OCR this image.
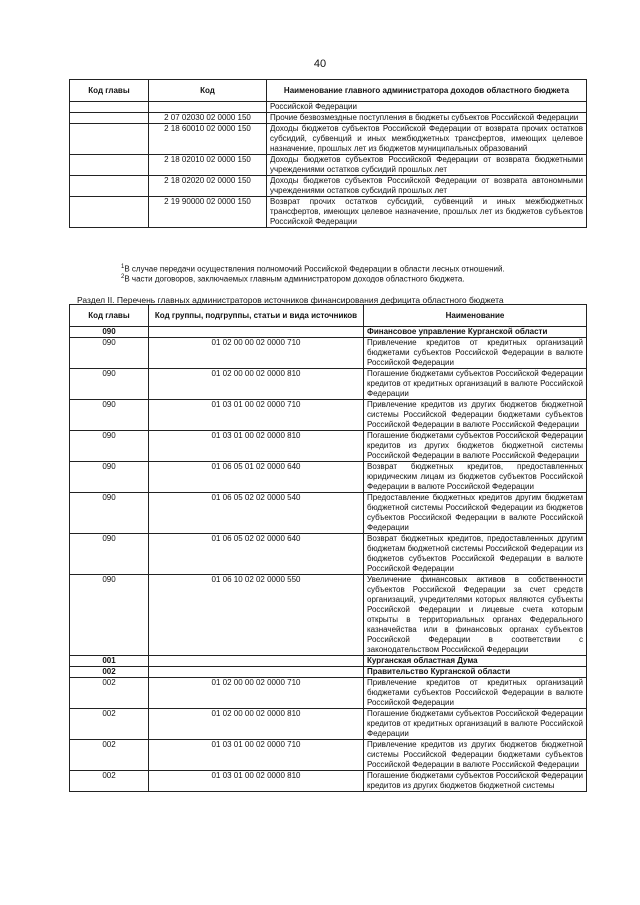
40
Код главы	Код	Наименование главного администратора доходов областного бюджета
		Российской Федерации
	2 07 02030 02 0000 150	Прочие безвозмездные поступления в бюджеты субъектов Российской Федерации
	2 18 60010 02 0000 150	Доходы бюджетов субъектов Российской Федерации от возврата прочих остатков субсидий, субвенций и иных межбюджетных трансфертов, имеющих целевое назначение, прошлых лет из бюджетов муниципальных образований
	2 18 02010 02 0000 150	Доходы бюджетов субъектов Российской Федерации от возврата бюджетными учреждениями остатков субсидий прошлых лет
	2 18 02020 02 0000 150	Доходы бюджетов субъектов Российской Федерации от возврата автономными учреждениями остатков субсидий прошлых лет
	2 19 90000 02 0000 150	Возврат прочих остатков субсидий, субвенций и иных межбюджетных трансфертов, имеющих целевое назначение, прошлых лет из бюджетов субъектов Российской Федерации
$^1$В случае передачи осуществления полномочий Российской Федерации в области лесных отношений.
$^2$В части договоров, заключаемых главным администратором доходов областного бюджета.
Раздел II. Перечень главных администраторов источников финансирования дефицита областного бюджета
Код главы	Код группы, подгруппы, статьи и вида источников	Наименование
090		Финансовое управление Курганской области
090	01 02 00 00 02 0000 710	Привлечение кредитов от кредитных организаций бюджетами субъектов Российской Федерации в валюте Российской Федерации
090	01 02 00 00 02 0000 810	Погашение бюджетами субъектов Российской Федерации кредитов от кредитных организаций в валюте Российской Федерации
090	01 03 01 00 02 0000 710	Привлечение кредитов из других бюджетов бюджетной системы Российской Федерации бюджетами субъектов Российской Федерации в валюте Российской Федерации
090	01 03 01 00 02 0000 810	Погашение бюджетами субъектов Российской Федерации кредитов из других бюджетов бюджетной системы Российской Федерации в валюте Российской Федерации
090	01 06 05 01 02 0000 640	Возврат бюджетных кредитов, предоставленных юридическим лицам из бюджетов субъектов Российской Федерации в валюте Российской Федерации
090	01 06 05 02 02 0000 540	Предоставление бюджетных кредитов другим бюджетам бюджетной системы Российской Федерации из бюджетов субъектов Российской Федерации в валюте Российской Федерации
090	01 06 05 02 02 0000 640	Возврат бюджетных кредитов, предоставленных другим бюджетам бюджетной системы Российской Федерации из бюджетов субъектов Российской Федерации в валюте Российской Федерации
090	01 06 10 02 02 0000 550	Увеличение финансовых активов в собственности субъектов Российской Федерации за счет средств организаций, учредителями которых являются субъекты Российской Федерации и лицевые счета которым открыты в территориальных органах Федерального казначейства или в финансовых органах субъектов Российской Федерации в соответствии с законодательством Российской Федерации
001		Курганская областная Дума
002		Правительство Курганской области
002	01 02 00 00 02 0000 710	Привлечение кредитов от кредитных организаций бюджетами субъектов Российской Федерации в валюте Российской Федерации
002	01 02 00 00 02 0000 810	Погашение бюджетами субъектов Российской Федерации кредитов от кредитных организаций в валюте Российской Федерации
002	01 03 01 00 02 0000 710	Привлечение кредитов из других бюджетов бюджетной системы Российской Федерации бюджетами субъектов Российской Федерации в валюте Российской Федерации
002	01 03 01 00 02 0000 810	Погашение бюджетами субъектов Российской Федерации кредитов из других бюджетов бюджетной системы
